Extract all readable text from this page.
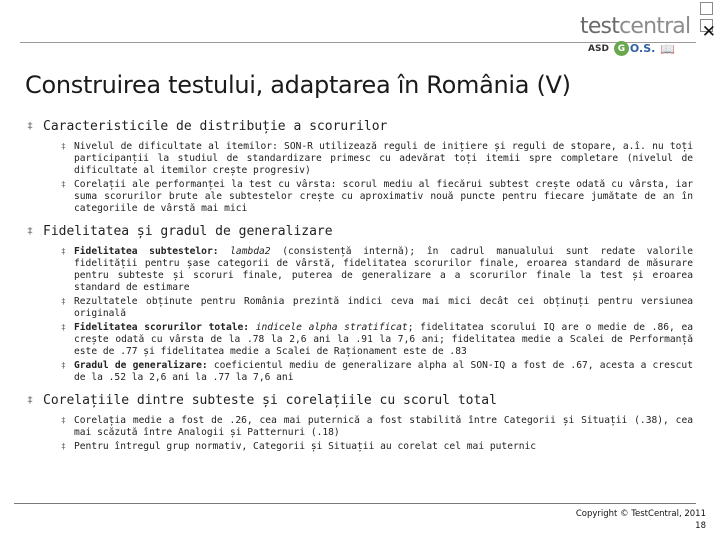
✕
testcentral
ASD G O.S. 📖
Construirea testului, adaptarea în România (V)
‡ Caracteristicile de distribuție a scorurilor
‡ Nivelul de dificultate al itemilor: SON-R utilizează reguli de inițiere și reguli de stopare, a.î. nu toți participanții la studiul de standardizare primesc cu adevărat toți itemii spre completare (nivelul de dificultate al itemilor crește progresiv)
‡ Corelații ale performanței la test cu vârsta: scorul mediu al fiecărui subtest crește odată cu vârsta, iar suma scorurilor brute ale subtestelor crește cu aproximativ nouă puncte pentru fiecare jumătate de an în categoriile de vârstă mai mici
‡ Fidelitatea și gradul de generalizare
‡ Fidelitatea subtestelor: lambda2 (consistență internă); în cadrul manualului sunt redate valorile fidelității pentru șase categorii de vârstă, fidelitatea scorurilor finale, eroarea standard de măsurare pentru subteste și scoruri finale, puterea de generalizare a a scorurilor finale la test și eroarea standard de estimare
‡ Rezultatele obținute pentru România prezintă indici ceva mai mici decât cei obținuți pentru versiunea originală
‡ Fidelitatea scorurilor totale: indicele alpha stratificat; fidelitatea scorului IQ are o medie de .86, ea crește odată cu vârsta de la .78 la 2,6 ani la .91 la 7,6 ani; fidelitatea medie a Scalei de Performanță este de .77 și fidelitatea medie a Scalei de Raționament este de .83
‡ Gradul de generalizare: coeficientul mediu de generalizare alpha al SON-IQ a fost de .67, acesta a crescut de la .52 la 2,6 ani la .77 la 7,6 ani
‡ Corelațiile dintre subteste și corelațiile cu scorul total
‡ Corelația medie a fost de .26, cea mai puternică a fost stabilită între Categorii și Situații (.38), cea mai scăzută între Analogii și Patternuri (.18)
‡ Pentru întregul grup normativ, Categorii și Situații au corelat cel mai puternic
Copyright © TestCentral, 2011
18
